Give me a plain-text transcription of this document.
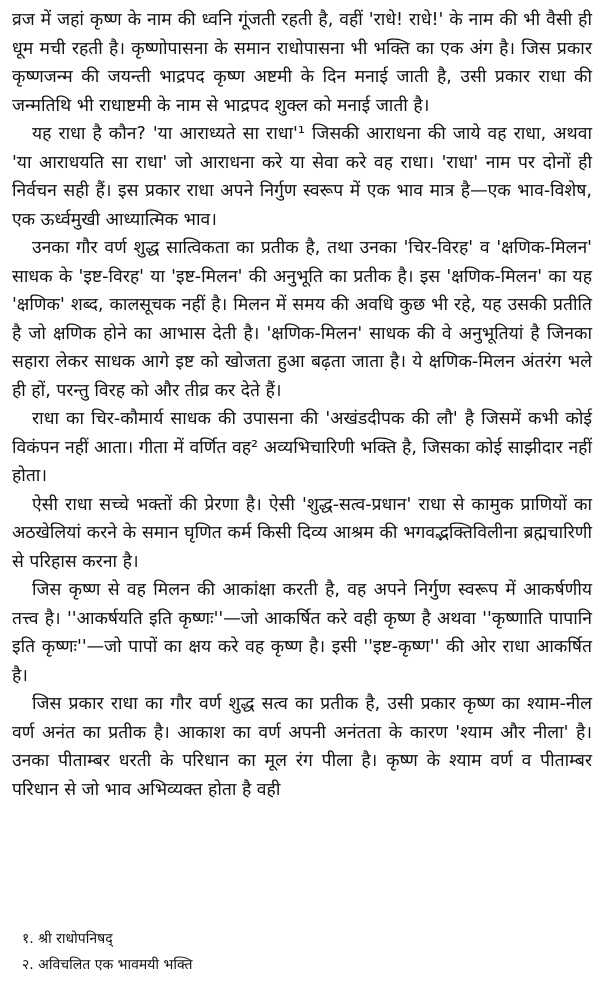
व्रज में जहां कृष्ण के नाम की ध्वनि गूंजती रहती है, वहीं 'राधे! राधे!' के नाम की भी वैसी ही धूम मची रहती है। कृष्णोपासना के समान राधोपासना भी भक्ति का एक अंग है। जिस प्रकार कृष्णजन्म की जयन्ती भाद्रपद कृष्ण अष्टमी के दिन मनाई जाती है, उसी प्रकार राधा की जन्मतिथि भी राधाष्टमी के नाम से भाद्रपद शुक्ल को मनाई जाती है।

यह राधा है कौन? 'या आराध्यते सा राधा'¹ जिसकी आराधना की जाये वह राधा, अथवा 'या आराधयति सा राधा' जो आराधना करे या सेवा करे वह राधा। 'राधा' नाम पर दोनों ही निर्वचन सही हैं। इस प्रकार राधा अपने निर्गुण स्वरूप में एक भाव मात्र है—एक भाव-विशेष, एक ऊर्ध्वमुखी आध्यात्मिक भाव।

उनका गौर वर्ण शुद्ध सात्विकता का प्रतीक है, तथा उनका 'चिर-विरह' व 'क्षणिक-मिलन' साधक के 'इष्ट-विरह' या 'इष्ट-मिलन' की अनुभूति का प्रतीक है। इस 'क्षणिक-मिलन' का यह 'क्षणिक' शब्द, कालसूचक नहीं है। मिलन में समय की अवधि कुछ भी रहे, यह उसकी प्रतीति है जो क्षणिक होने का आभास देती है। 'क्षणिक-मिलन' साधक की वे अनुभूतियां है जिनका सहारा लेकर साधक आगे इष्ट को खोजता हुआ बढ़ता जाता है। ये क्षणिक-मिलन अंतरंग भले ही हों, परन्तु विरह को और तीव्र कर देते हैं।

राधा का चिर-कौमार्य साधक की उपासना की 'अखंडदीपक की लौ' है जिसमें कभी कोई विकंपन नहीं आता। गीता में वर्णित वह² अव्यभिचारिणी भक्ति है, जिसका कोई साझीदार नहीं होता।

ऐसी राधा सच्चे भक्तों की प्रेरणा है। ऐसी 'शुद्ध-सत्व-प्रधान' राधा से कामुक प्राणियों का अठखेलियां करने के समान घृणित कर्म किसी दिव्य आश्रम की भगवद्भक्तिविलीना ब्रह्मचारिणी से परिहास करना है।

जिस कृष्ण से वह मिलन की आकांक्षा करती है, वह अपने निर्गुण स्वरूप में आकर्षणीय तत्त्व है। ''आकर्षयति इति कृष्णः''—जो आकर्षित करे वही कृष्ण है अथवा ''कृष्णाति पापानि इति कृष्णः''—जो पापों का क्षय करे वह कृष्ण है। इसी ''इष्ट-कृष्ण'' की ओर राधा आकर्षित है।

जिस प्रकार राधा का गौर वर्ण शुद्ध सत्व का प्रतीक है, उसी प्रकार कृष्ण का श्याम-नील वर्ण अनंत का प्रतीक है। आकाश का वर्ण अपनी अनंतता के कारण 'श्याम और नीला' है। उनका पीताम्बर धरती के परिधान का मूल रंग पीला है। कृष्ण के श्याम वर्ण व पीताम्बर परिधान से जो भाव अभिव्यक्त होता है वही

१. श्री राधोपनिषद्
२. अविचलित एक भावमयी भक्ति
